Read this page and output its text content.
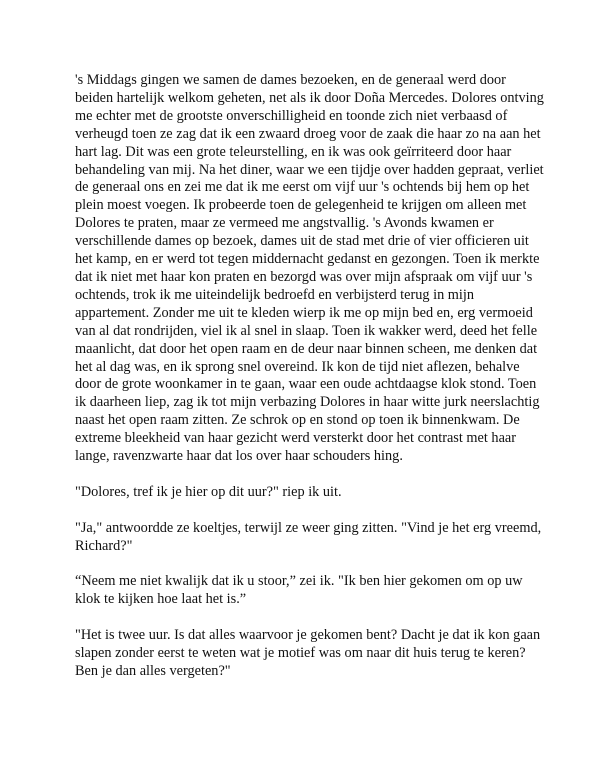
's Middags gingen we samen de dames bezoeken, en de generaal werd door beiden hartelijk welkom geheten, net als ik door Doña Mercedes. Dolores ontving me echter met de grootste onverschilligheid en toonde zich niet verbaasd of verheugd toen ze zag dat ik een zwaard droeg voor de zaak die haar zo na aan het hart lag. Dit was een grote teleurstelling, en ik was ook geïrriteerd door haar behandeling van mij. Na het diner, waar we een tijdje over hadden gepraat, verliet de generaal ons en zei me dat ik me eerst om vijf uur 's ochtends bij hem op het plein moest voegen. Ik probeerde toen de gelegenheid te krijgen om alleen met Dolores te praten, maar ze vermeed me angstvallig. 's Avonds kwamen er verschillende dames op bezoek, dames uit de stad met drie of vier officieren uit het kamp, en er werd tot tegen middernacht gedanst en gezongen. Toen ik merkte dat ik niet met haar kon praten en bezorgd was over mijn afspraak om vijf uur 's ochtends, trok ik me uiteindelijk bedroefd en verbijsterd terug in mijn appartement. Zonder me uit te kleden wierp ik me op mijn bed en, erg vermoeid van al dat rondrijden, viel ik al snel in slaap. Toen ik wakker werd, deed het felle maanlicht, dat door het open raam en de deur naar binnen scheen, me denken dat het al dag was, en ik sprong snel overeind. Ik kon de tijd niet aflezen, behalve door de grote woonkamer in te gaan, waar een oude achtdaagse klok stond. Toen ik daarheen liep, zag ik tot mijn verbazing Dolores in haar witte jurk neerslachtig naast het open raam zitten. Ze schrok op en stond op toen ik binnenkwam. De extreme bleekheid van haar gezicht werd versterkt door het contrast met haar lange, ravenzwarte haar dat los over haar schouders hing.

"Dolores, tref ik je hier op dit uur?" riep ik uit.

"Ja," antwoordde ze koeltjes, terwijl ze weer ging zitten. "Vind je het erg vreemd, Richard?"

“Neem me niet kwalijk dat ik u stoor,” zei ik. "Ik ben hier gekomen om op uw klok te kijken hoe laat het is.”

"Het is twee uur. Is dat alles waarvoor je gekomen bent? Dacht je dat ik kon gaan slapen zonder eerst te weten wat je motief was om naar dit huis terug te keren? Ben je dan alles vergeten?"
